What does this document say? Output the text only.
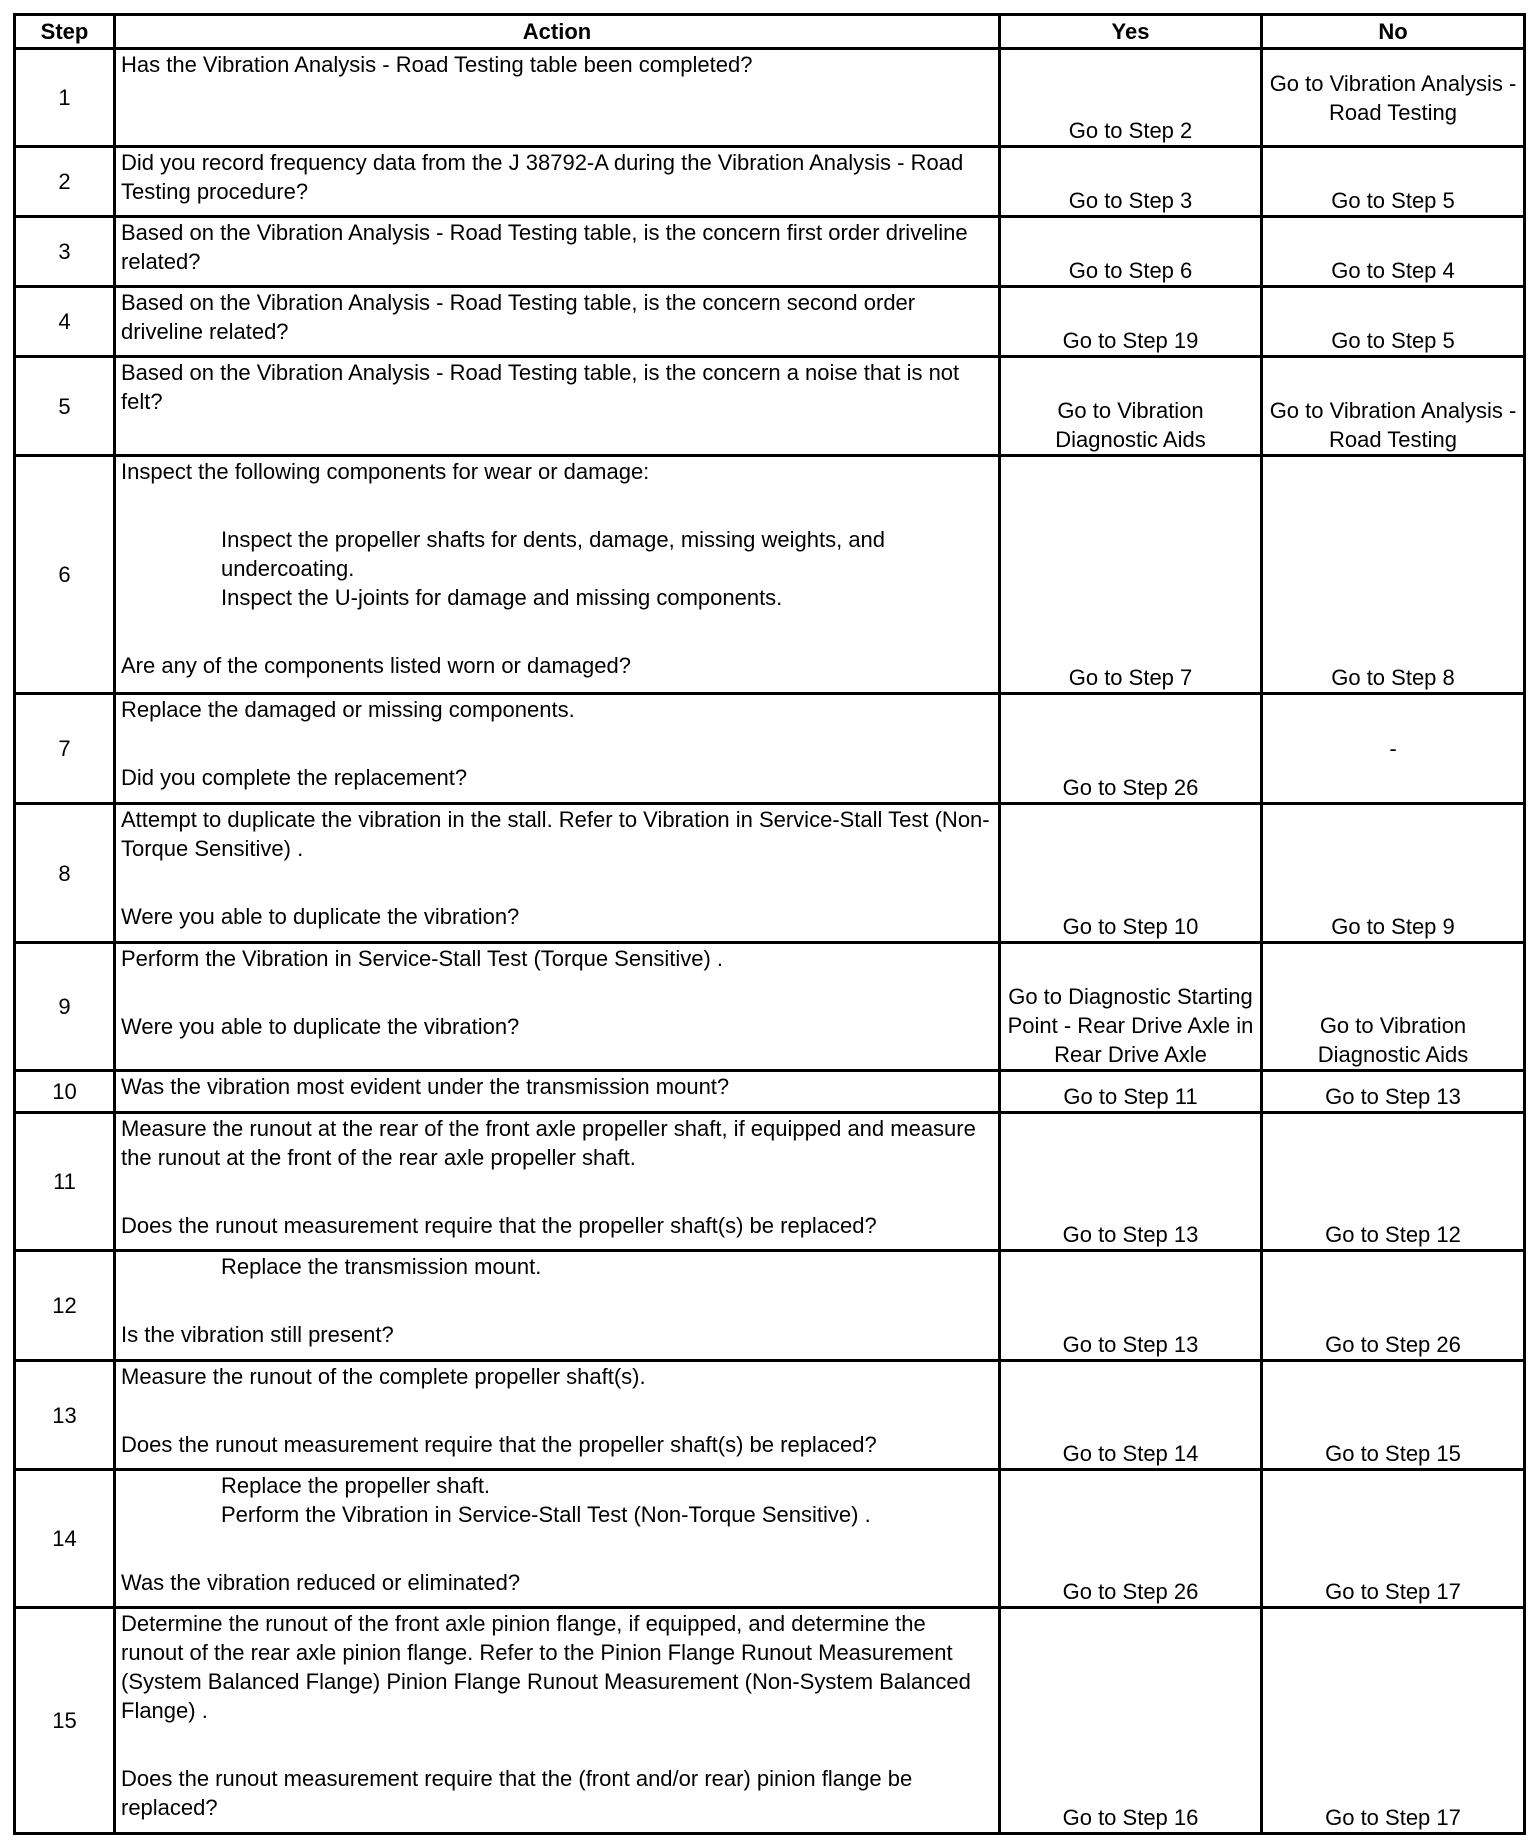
Step	Action	Yes	No
1	Has the Vibration Analysis - Road Testing table been completed?	Go to Step 2	Go to Vibration Analysis - Road Testing
2	Did you record frequency data from the J 38792-A during the Vibration Analysis - Road Testing procedure?	Go to Step 3	Go to Step 5
3	Based on the Vibration Analysis - Road Testing table, is the concern first order driveline related?	Go to Step 6	Go to Step 4
4	Based on the Vibration Analysis - Road Testing table, is the concern second order driveline related?	Go to Step 19	Go to Step 5
5	Based on the Vibration Analysis - Road Testing table, is the concern a noise that is not felt?	Go to Vibration Diagnostic Aids	Go to Vibration Analysis - Road Testing
6	Inspect the following components for wear or damage:
Inspect the propeller shafts for dents, damage, missing weights, and undercoating.
Inspect the U-joints for damage and missing components.
Are any of the components listed worn or damaged?	Go to Step 7	Go to Step 8
7	Replace the damaged or missing components.
Did you complete the replacement?	Go to Step 26	-
8	Attempt to duplicate the vibration in the stall. Refer to Vibration in Service-Stall Test (Non-Torque Sensitive) .
Were you able to duplicate the vibration?	Go to Step 10	Go to Step 9
9	Perform the Vibration in Service-Stall Test (Torque Sensitive) .
Were you able to duplicate the vibration?	Go to Diagnostic Starting Point - Rear Drive Axle in Rear Drive Axle	Go to Vibration Diagnostic Aids
10	Was the vibration most evident under the transmission mount?	Go to Step 11	Go to Step 13
11	Measure the runout at the rear of the front axle propeller shaft, if equipped and measure the runout at the front of the rear axle propeller shaft.
Does the runout measurement require that the propeller shaft(s) be replaced?	Go to Step 13	Go to Step 12
12	Replace the transmission mount.
Is the vibration still present?	Go to Step 13	Go to Step 26
13	Measure the runout of the complete propeller shaft(s).
Does the runout measurement require that the propeller shaft(s) be replaced?	Go to Step 14	Go to Step 15
14	Replace the propeller shaft.
Perform the Vibration in Service-Stall Test (Non-Torque Sensitive) .
Was the vibration reduced or eliminated?	Go to Step 26	Go to Step 17
15	Determine the runout of the front axle pinion flange, if equipped, and determine the runout of the rear axle pinion flange. Refer to the Pinion Flange Runout Measurement (System Balanced Flange) Pinion Flange Runout Measurement (Non-System Balanced Flange) .
Does the runout measurement require that the (front and/or rear) pinion flange be replaced?	Go to Step 16	Go to Step 17
